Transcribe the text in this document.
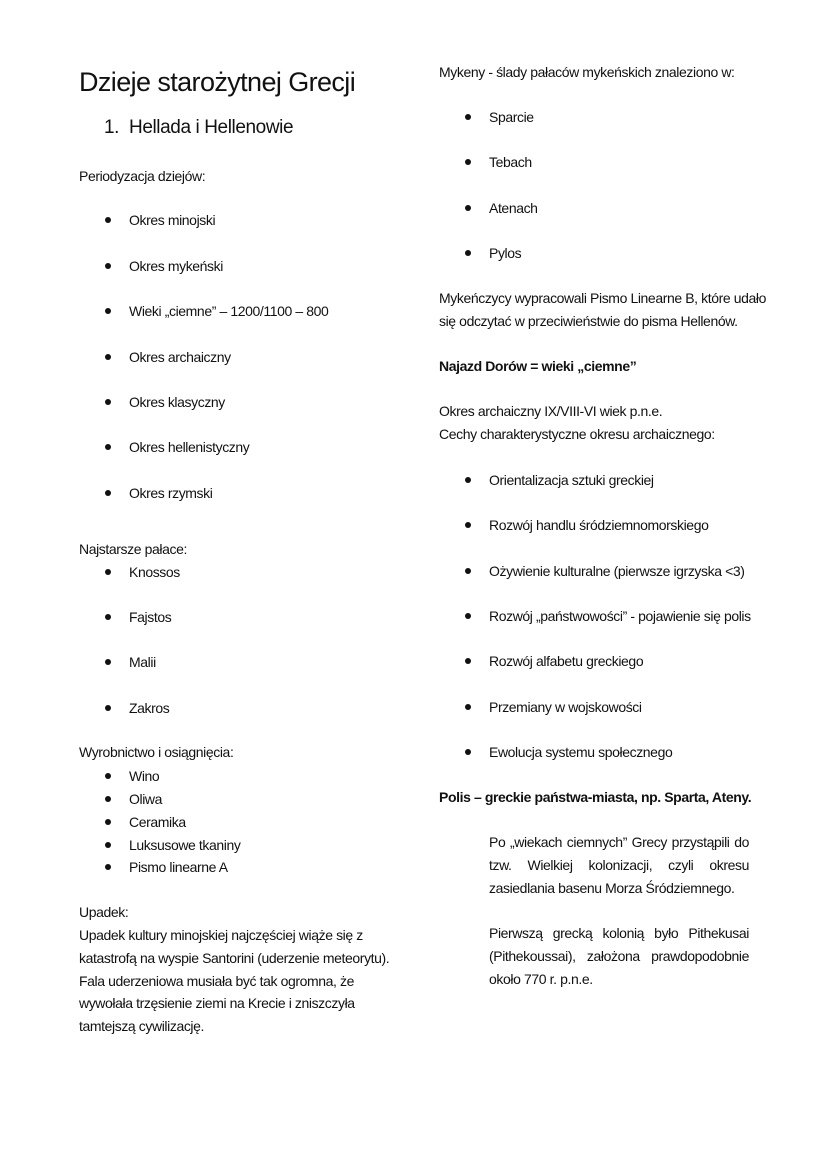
Dzieje starożytnej Grecji
1. Hellada i Hellenowie
Periodyzacja dziejów:
Najstarsze pałace:
Wyrobnictwo i osiągnięcia:
Upadek:
Upadek kultury minojskiej najczęściej wiąże się z
katastrofą na wyspie Santorini (uderzenie meteorytu).
Fala uderzeniowa musiała być tak ogromna, że
wywołała trzęsienie ziemi na Krecie i zniszczyła
tamtejszą cywilizację.
Mykeny - ślady pałaców mykeńskich znaleziono w:
Mykeńczycy wypracowali Pismo Linearne B, które udało
się odczytać w przeciwieństwie do pisma Hellenów.
Najazd Dorów = wieki „ciemne”
Okres archaiczny IX/VIII-VI wiek p.n.e.
Cechy charakterystyczne okresu archaicznego:
Polis – greckie państwa-miasta, np. Sparta, Ateny.
Po „wiekach ciemnych” Grecy przystąpili do tzw. Wielkiej kolonizacji, czyli okresu zasiedlania basenu Morza Śródziemnego.
Pierwszą grecką kolonią było Pithekusai (Pithekoussai), założona prawdopodobnie około 770 r. p.n.e.
Okres minojski
Okres mykeński
Wieki „ciemne” – 1200/1100 – 800
Okres archaiczny
Okres klasyczny
Okres hellenistyczny
Okres rzymski
Knossos
Fajstos
Malii
Zakros
Wino
Oliwa
Ceramika
Luksusowe tkaniny
Pismo linearne A
Sparcie
Tebach
Atenach
Pylos
Orientalizacja sztuki greckiej
Rozwój handlu śródziemnomorskiego
Ożywienie kulturalne (pierwsze igrzyska <3)
Rozwój „państwowości” - pojawienie się polis
Rozwój alfabetu greckiego
Przemiany w wojskowości
Ewolucja systemu społecznego
